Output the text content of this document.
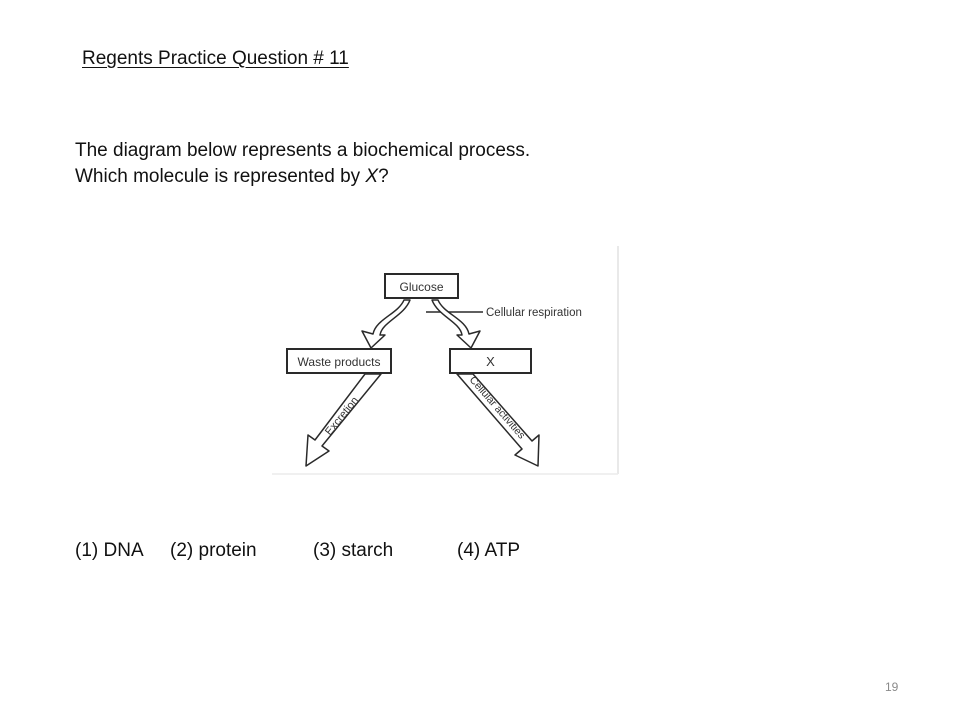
Regents Practice Question # 11
The diagram below represents a biochemical process.
Which molecule is represented by X?
Glucose
Cellular respiration
Waste products	X
Excretion	Cellular activities
(1) DNA (2) protein	(3) starch	(4) ATP
19
